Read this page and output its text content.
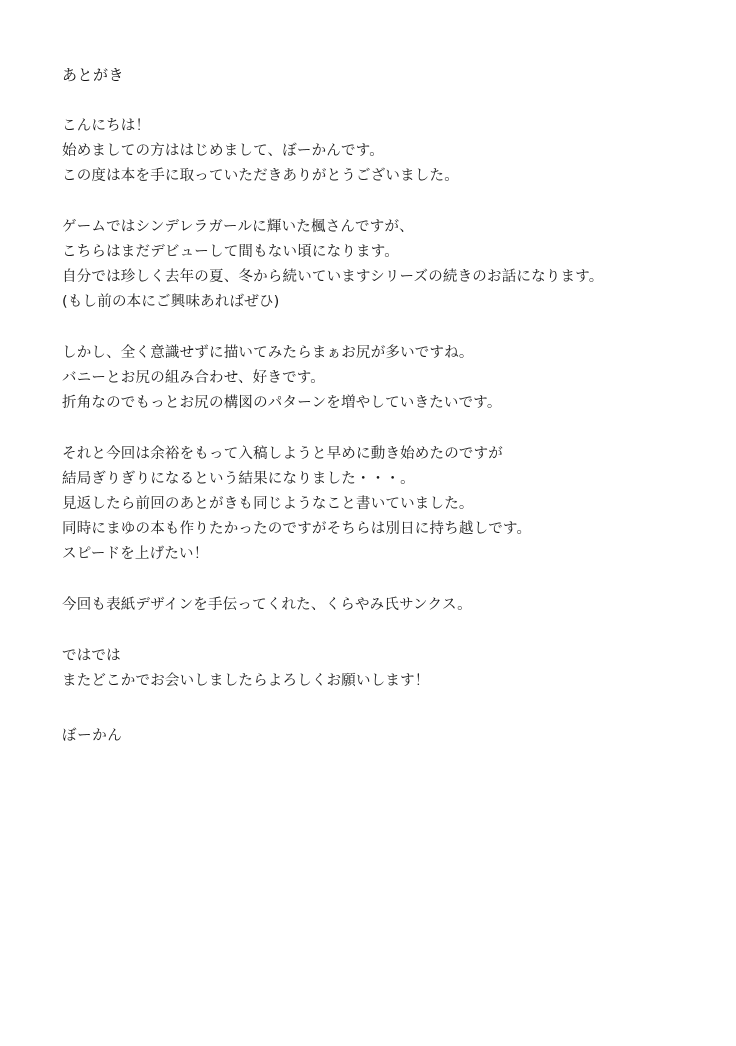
あとがき
こんにちは！
始めましての方ははじめまして、ぼーかんです。
この度は本を手に取っていただきありがとうございました。
ゲームではシンデレラガールに輝いた楓さんですが、
こちらはまだデビューして間もない頃になります。
自分では珍しく去年の夏、冬から続いていますシリーズの続きのお話になります。
(もし前の本にご興味あればぜひ)
しかし、全く意識せずに描いてみたらまぁお尻が多いですね。
バニーとお尻の組み合わせ、好きです。
折角なのでもっとお尻の構図のパターンを増やしていきたいです。
それと今回は余裕をもって入稿しようと早めに動き始めたのですが
結局ぎりぎりになるという結果になりました・・・。
見返したら前回のあとがきも同じようなこと書いていました。
同時にまゆの本も作りたかったのですがそちらは別日に持ち越しです。
スピードを上げたい！
今回も表紙デザインを手伝ってくれた、くらやみ氏サンクス。
ではでは
またどこかでお会いしましたらよろしくお願いします！
ぼーかん
